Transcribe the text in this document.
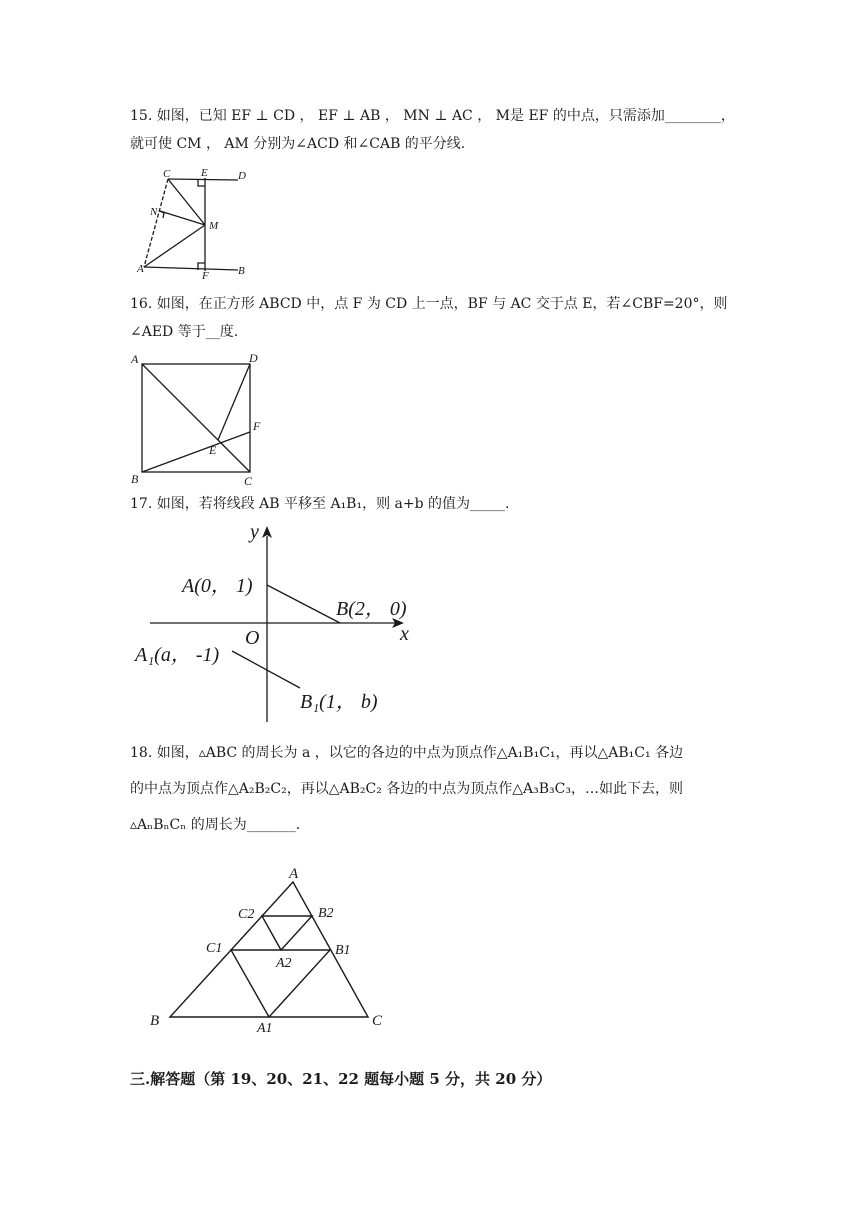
15. 如图，已知 EF ⊥ CD ， EF ⊥ AB ， MN ⊥ AC ， M是 EF 的中点，只需添加________，
就可使 CM ， AM 分别为∠ACD 和∠CAB 的平分线.
C	E	D
N
M
A
F	B
16. 如图，在正方形 ABCD 中，点 F 为 CD 上一点，BF 与 AC 交于点 E，若∠CBF=20°，则
∠AED 等于__度.
A	D
F
E
B	C
17. 如图，若将线段 AB 平移至 A₁B₁，则 a+b 的值为_____.
y
x
O
A(0， 1)
B(2， 0)
A₁(a， -1)
B₁(1， b)
18. 如图，▵ABC 的周长为 a ，以它的各边的中点为顶点作△A₁B₁C₁，再以△AB₁C₁ 各边
的中点为顶点作△A₂B₂C₂，再以△AB₂C₂ 各边的中点为顶点作△A₃B₃C₃，…如此下去，则
▵AₙBₙCₙ 的周长为_______.
A
B	C
A1
B1
C1
A2
B2
C2
三.解答题（第 19、20、21、22 题每小题 5 分，共 20 分）
